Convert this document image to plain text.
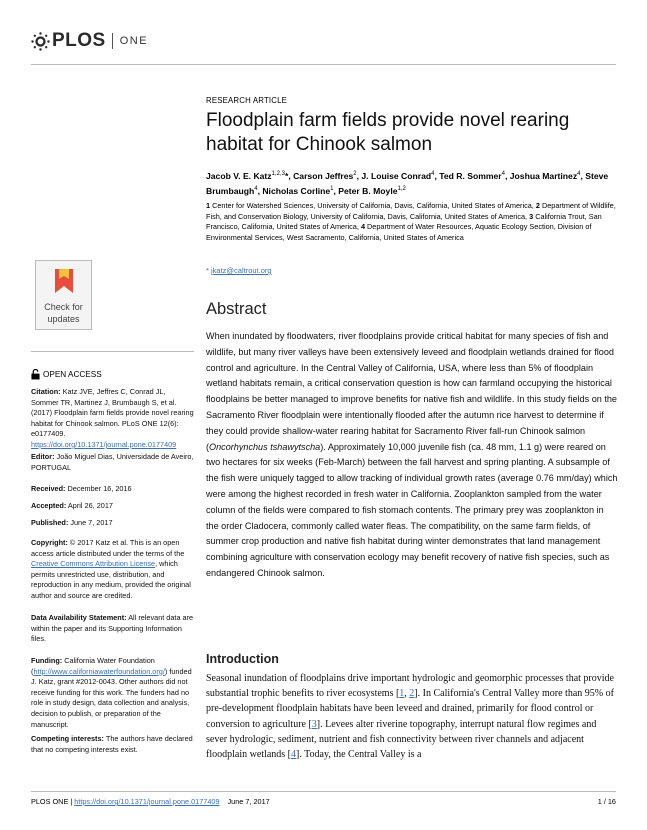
PLOS ONE
Check for
updates
OPEN ACCESS
Citation: Katz JVE, Jeffres C, Conrad JL, Sommer TR, Martinez J, Brumbaugh S, et al. (2017) Floodplain farm fields provide novel rearing habitat for Chinook salmon. PLoS ONE 12(6): e0177409. https://doi.org/10.1371/journal.pone.0177409
Editor: João Miguel Dias, Universidade de Aveiro, PORTUGAL
Received: December 16, 2016
Accepted: April 26, 2017
Published: June 7, 2017
Copyright: © 2017 Katz et al. This is an open access article distributed under the terms of the Creative Commons Attribution License, which permits unrestricted use, distribution, and reproduction in any medium, provided the original author and source are credited.
Data Availability Statement: All relevant data are within the paper and its Supporting Information files.
Funding: California Water Foundation (http://www.californiawaterfoundation.org/) funded J. Katz, grant #2012-0043. Other authors did not receive funding for this work. The funders had no role in study design, data collection and analysis, decision to publish, or preparation of the manuscript.
Competing interests: The authors have declared that no competing interests exist.
RESEARCH ARTICLE
Floodplain farm fields provide novel rearing habitat for Chinook salmon
Jacob V. E. Katz$^{1,2,3}$*, Carson Jeffres$^2$, J. Louise Conrad$^4$, Ted R. Sommer$^4$, Joshua Martinez$^4$, Steve Brumbaugh$^4$, Nicholas Corline$^1$, Peter B. Moyle$^{1,2}$
1 Center for Watershed Sciences, University of California, Davis, California, United States of America, 2 Department of Wildlife, Fish, and Conservation Biology, University of California, Davis, California, United States of America, 3 California Trout, San Francisco, California, United States of America, 4 Department of Water Resources, Aquatic Ecology Section, Division of Environmental Services, West Sacramento, California, United States of America
* jkatz@caltrout.org
Abstract
When inundated by floodwaters, river floodplains provide critical habitat for many species of fish and wildlife, but many river valleys have been extensively leveed and floodplain wetlands drained for flood control and agriculture. In the Central Valley of California, USA, where less than 5% of floodplain wetland habitats remain, a critical conservation question is how can farmland occupying the historical floodplains be better managed to improve benefits for native fish and wildlife. In this study fields on the Sacramento River floodplain were intentionally flooded after the autumn rice harvest to determine if they could provide shallow-water rearing habitat for Sacramento River fall-run Chinook salmon (Oncorhynchus tshawytscha). Approximately 10,000 juvenile fish (ca. 48 mm, 1.1 g) were reared on two hectares for six weeks (Feb-March) between the fall harvest and spring planting. A subsample of the fish were uniquely tagged to allow tracking of individual growth rates (average 0.76 mm/day) which were among the highest recorded in fresh water in California. Zooplankton sampled from the water column of the fields were compared to fish stomach contents. The primary prey was zooplankton in the order Cladocera, commonly called water fleas. The compatibility, on the same farm fields, of summer crop production and native fish habitat during winter demonstrates that land management combining agriculture with conservation ecology may benefit recovery of native fish species, such as endangered Chinook salmon.
Introduction
Seasonal inundation of floodplains drive important hydrologic and geomorphic processes that provide substantial trophic benefits to river ecosystems [1, 2]. In California's Central Valley more than 95% of pre-development floodplain habitats have been leveed and drained, primarily for flood control or conversion to agriculture [3]. Levees alter riverine topography, interrupt natural flow regimes and sever hydrologic, sediment, nutrient and fish connectivity between river channels and adjacent floodplain wetlands [4]. Today, the Central Valley is a
PLOS ONE | https://doi.org/10.1371/journal.pone.0177409 June 7, 2017	1 / 16
